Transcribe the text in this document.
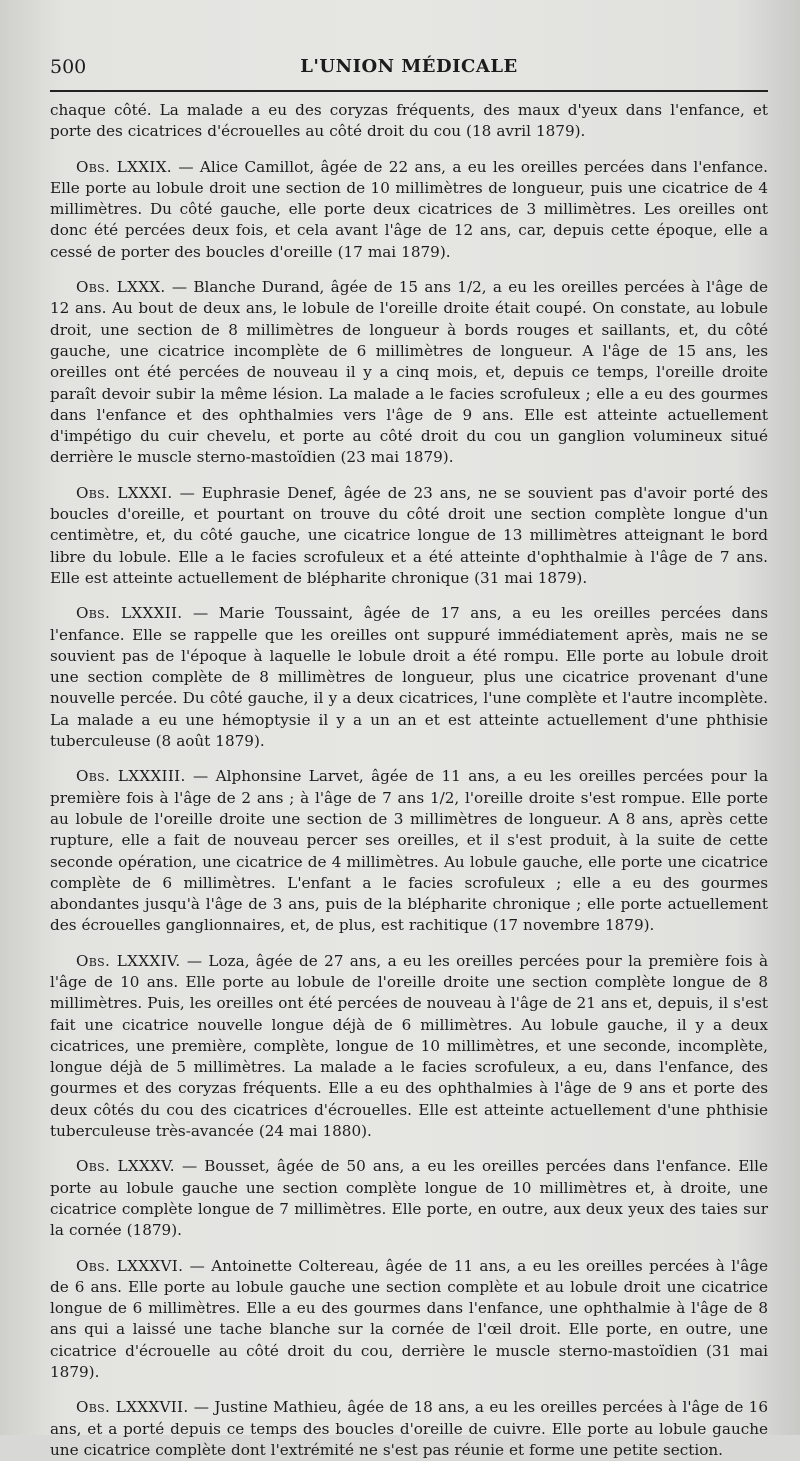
500	L'UNION MÉDICALE

chaque côté. La malade a eu des coryzas fréquents, des maux d'yeux dans l'enfance, et porte des cicatrices d'écrouelles au côté droit du cou (18 avril 1879).

Obs. LXXIX. — Alice Camillot, âgée de 22 ans, a eu les oreilles percées dans l'enfance. Elle porte au lobule droit une section de 10 millimètres de longueur, puis une cicatrice de 4 millimètres. Du côté gauche, elle porte deux cicatrices de 3 millimètres. Les oreilles ont donc été percées deux fois, et cela avant l'âge de 12 ans, car, depuis cette époque, elle a cessé de porter des boucles d'oreille (17 mai 1879).

Obs. LXXX. — Blanche Durand, âgée de 15 ans 1/2, a eu les oreilles percées à l'âge de 12 ans. Au bout de deux ans, le lobule de l'oreille droite était coupé. On constate, au lobule droit, une section de 8 millimètres de longueur à bords rouges et saillants, et, du côté gauche, une cicatrice incomplète de 6 millimètres de longueur. A l'âge de 15 ans, les oreilles ont été percées de nouveau il y a cinq mois, et, depuis ce temps, l'oreille droite paraît devoir subir la même lésion. La malade a le facies scrofuleux ; elle a eu des gourmes dans l'enfance et des ophthalmies vers l'âge de 9 ans. Elle est atteinte actuellement d'impétigo du cuir chevelu, et porte au côté droit du cou un ganglion volumineux situé derrière le muscle sterno-mastoïdien (23 mai 1879).

Obs. LXXXI. — Euphrasie Denef, âgée de 23 ans, ne se souvient pas d'avoir porté des boucles d'oreille, et pourtant on trouve du côté droit une section complète longue d'un centimètre, et, du côté gauche, une cicatrice longue de 13 millimètres atteignant le bord libre du lobule. Elle a le facies scrofuleux et a été atteinte d'ophthalmie à l'âge de 7 ans. Elle est atteinte actuellement de blépharite chronique (31 mai 1879).

Obs. LXXXII. — Marie Toussaint, âgée de 17 ans, a eu les oreilles percées dans l'enfance. Elle se rappelle que les oreilles ont suppuré immédiatement après, mais ne se souvient pas de l'époque à laquelle le lobule droit a été rompu. Elle porte au lobule droit une section complète de 8 millimètres de longueur, plus une cicatrice provenant d'une nouvelle percée. Du côté gauche, il y a deux cicatrices, l'une complète et l'autre incomplète. La malade a eu une hémoptysie il y a un an et est atteinte actuellement d'une phthisie tuberculeuse (8 août 1879).

Obs. LXXXIII. — Alphonsine Larvet, âgée de 11 ans, a eu les oreilles percées pour la première fois à l'âge de 2 ans ; à l'âge de 7 ans 1/2, l'oreille droite s'est rompue. Elle porte au lobule de l'oreille droite une section de 3 millimètres de longueur. A 8 ans, après cette rupture, elle a fait de nouveau percer ses oreilles, et il s'est produit, à la suite de cette seconde opération, une cicatrice de 4 millimètres. Au lobule gauche, elle porte une cicatrice complète de 6 millimètres. L'enfant a le facies scrofuleux ; elle a eu des gourmes abondantes jusqu'à l'âge de 3 ans, puis de la blépharite chronique ; elle porte actuellement des écrouelles ganglionnaires, et, de plus, est rachitique (17 novembre 1879).

Obs. LXXXIV. — Loza, âgée de 27 ans, a eu les oreilles percées pour la première fois à l'âge de 10 ans. Elle porte au lobule de l'oreille droite une section complète longue de 8 millimètres. Puis, les oreilles ont été percées de nouveau à l'âge de 21 ans et, depuis, il s'est fait une cicatrice nouvelle longue déjà de 6 millimètres. Au lobule gauche, il y a deux cicatrices, une première, complète, longue de 10 millimètres, et une seconde, incomplète, longue déjà de 5 millimètres. La malade a le facies scrofuleux, a eu, dans l'enfance, des gourmes et des coryzas fréquents. Elle a eu des ophthalmies à l'âge de 9 ans et porte des deux côtés du cou des cicatrices d'écrouelles. Elle est atteinte actuellement d'une phthisie tuberculeuse très-avancée (24 mai 1880).

Obs. LXXXV. — Bousset, âgée de 50 ans, a eu les oreilles percées dans l'enfance. Elle porte au lobule gauche une section complète longue de 10 millimètres et, à droite, une cicatrice complète longue de 7 millimètres. Elle porte, en outre, aux deux yeux des taies sur la cornée (1879).

Obs. LXXXVI. — Antoinette Coltereau, âgée de 11 ans, a eu les oreilles percées à l'âge de 6 ans. Elle porte au lobule gauche une section complète et au lobule droit une cicatrice longue de 6 millimètres. Elle a eu des gourmes dans l'enfance, une ophthalmie à l'âge de 8 ans qui a laissé une tache blanche sur la cornée de l'œil droit. Elle porte, en outre, une cicatrice d'écrouelle au côté droit du cou, derrière le muscle sterno-mastoïdien (31 mai 1879).

Obs. LXXXVII. — Justine Mathieu, âgée de 18 ans, a eu les oreilles percées à l'âge de 16 ans, et a porté depuis ce temps des boucles d'oreille de cuivre. Elle porte au lobule gauche une cicatrice complète dont l'extrémité ne s'est pas réunie et forme une petite section.
